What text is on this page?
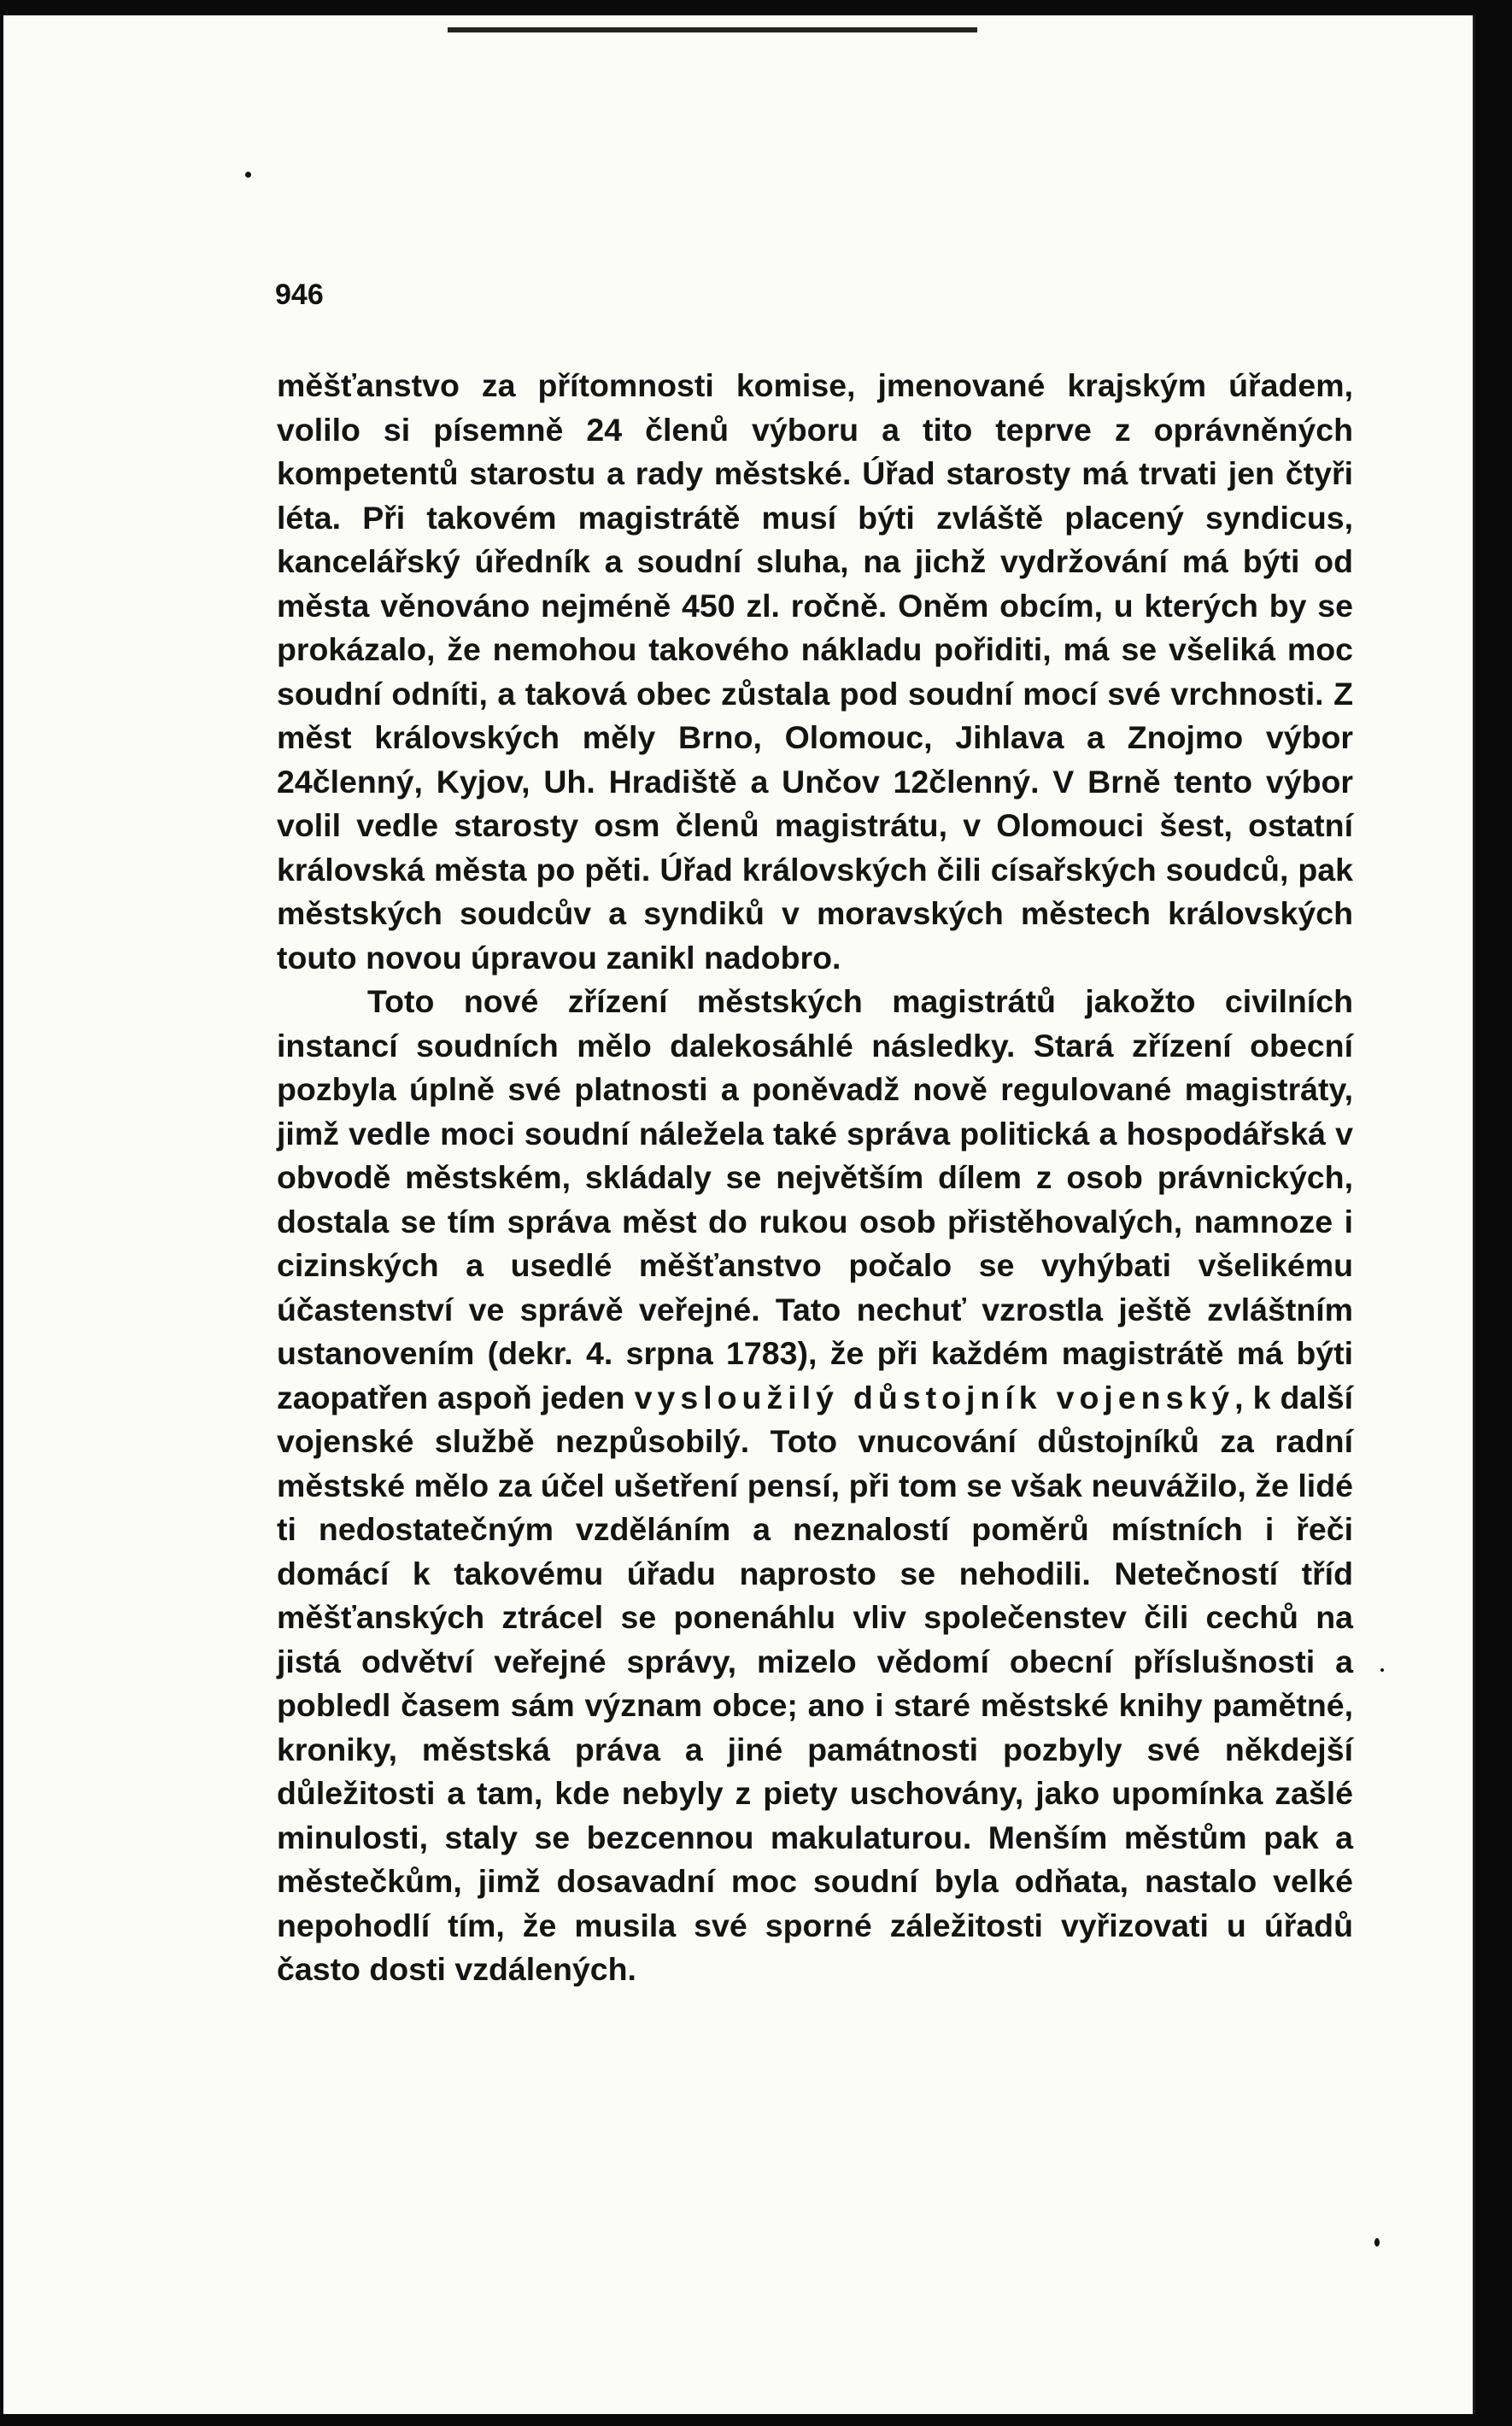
946

měšťanstvo za přítomnosti komise, jmenované krajským úřadem, volilo si písemně 24 členů výboru a tito teprve z oprávněných kompetentů starostu a rady městské. Úřad starosty má trvati jen čtyři léta. Při takovém magistrátě musí býti zvláště placený syndicus, kancelářský úředník a soudní sluha, na jichž vydržování má býti od města věnováno nejméně 450 zl. ročně. Oněm obcím, u kterých by se prokázalo, že nemohou takového nákladu pořiditi, má se všeliká moc soudní odníti, a taková obec zůstala pod soudní mocí své vrchnosti. Z měst královských měly Brno, Olomouc, Jihlava a Znojmo výbor 24členný, Kyjov, Uh. Hradiště a Unčov 12členný. V Brně tento výbor volil vedle starosty osm členů magistrátu, v Olomouci šest, ostatní královská města po pěti. Úřad královských čili císařských soudců, pak městských soudcův a syndiků v moravských městech královských touto novou úpravou zanikl nadobro.

Toto nové zřízení městských magistrátů jakožto civilních instancí soudních mělo dalekosáhlé následky. Stará zřízení obecní pozbyla úplně své platnosti a poněvadž nově regulované magistráty, jimž vedle moci soudní náležela také správa politická a hospodářská v obvodě městském, skládaly se největším dílem z osob právnických, dostala se tím správa měst do rukou osob přistěhovalých, namnoze i cizinských a usedlé měšťanstvo počalo se vyhýbati všelikému účastenství ve správě veřejné. Tato nechuť vzrostla ještě zvláštním ustanovením (dekr. 4. srpna 1783), že při každém magistrátě má býti zaopatřen aspoň jeden vysloužilý důstojník vojenský, k další vojenské službě nezpůsobilý. Toto vnucování důstojníků za radní městské mělo za účel ušetření pensí, při tom se však neuvážilo, že lidé ti nedostatečným vzděláním a neznalostí poměrů místních i řeči domácí k takovému úřadu naprosto se nehodili. Netečností tříd měšťanských ztrácel se ponenáhlu vliv společenstev čili cechů na jistá odvětví veřejné správy, mizelo vědomí obecní příslušnosti a pobledl časem sám význam obce; ano i staré městské knihy pamětné, kroniky, městská práva a jiné památnosti pozbyly své někdejší důležitosti a tam, kde nebyly z piety uschovány, jako upomínka zašlé minulosti, staly se bezcennou makulaturou. Menším městům pak a městečkům, jimž dosavadní moc soudní byla odňata, nastalo velké nepohodlí tím, že musila své sporné záležitosti vyřizovati u úřadů často dosti vzdálených.
